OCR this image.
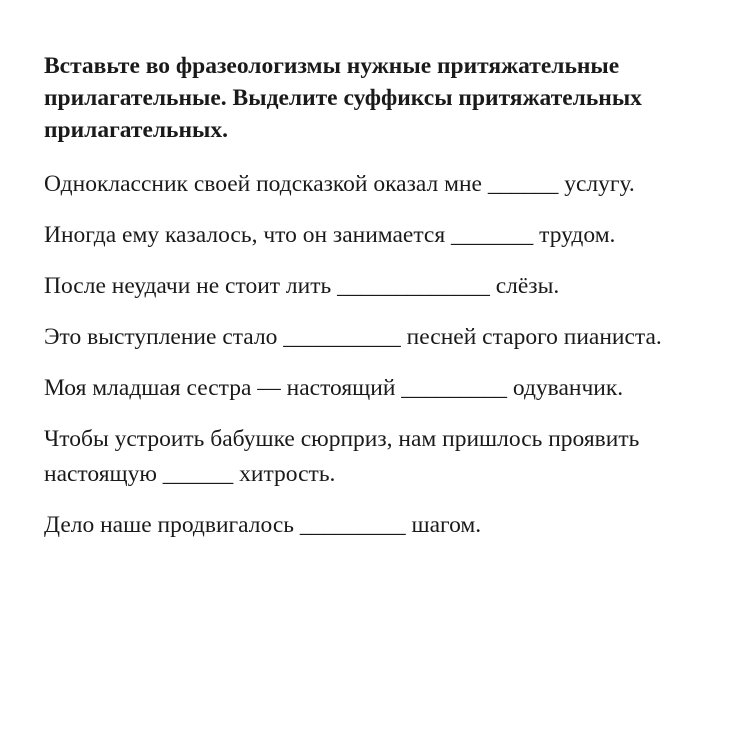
Вставьте во фразеологизмы нужные притяжательные прилагательные. Выделите суффиксы притяжательных прилагательных.
Одноклассник своей подсказкой оказал мне ______ услугу.
Иногда ему казалось, что он занимается _______ трудом.
После неудачи не стоит лить _____________ слёзы.
Это выступление стало __________ песней старого пианиста.
Моя младшая сестра — настоящий _________ одуванчик.
Чтобы устроить бабушке сюрприз, нам пришлось проявить настоящую ______ хитрость.
Дело наше продвигалось _________ шагом.
